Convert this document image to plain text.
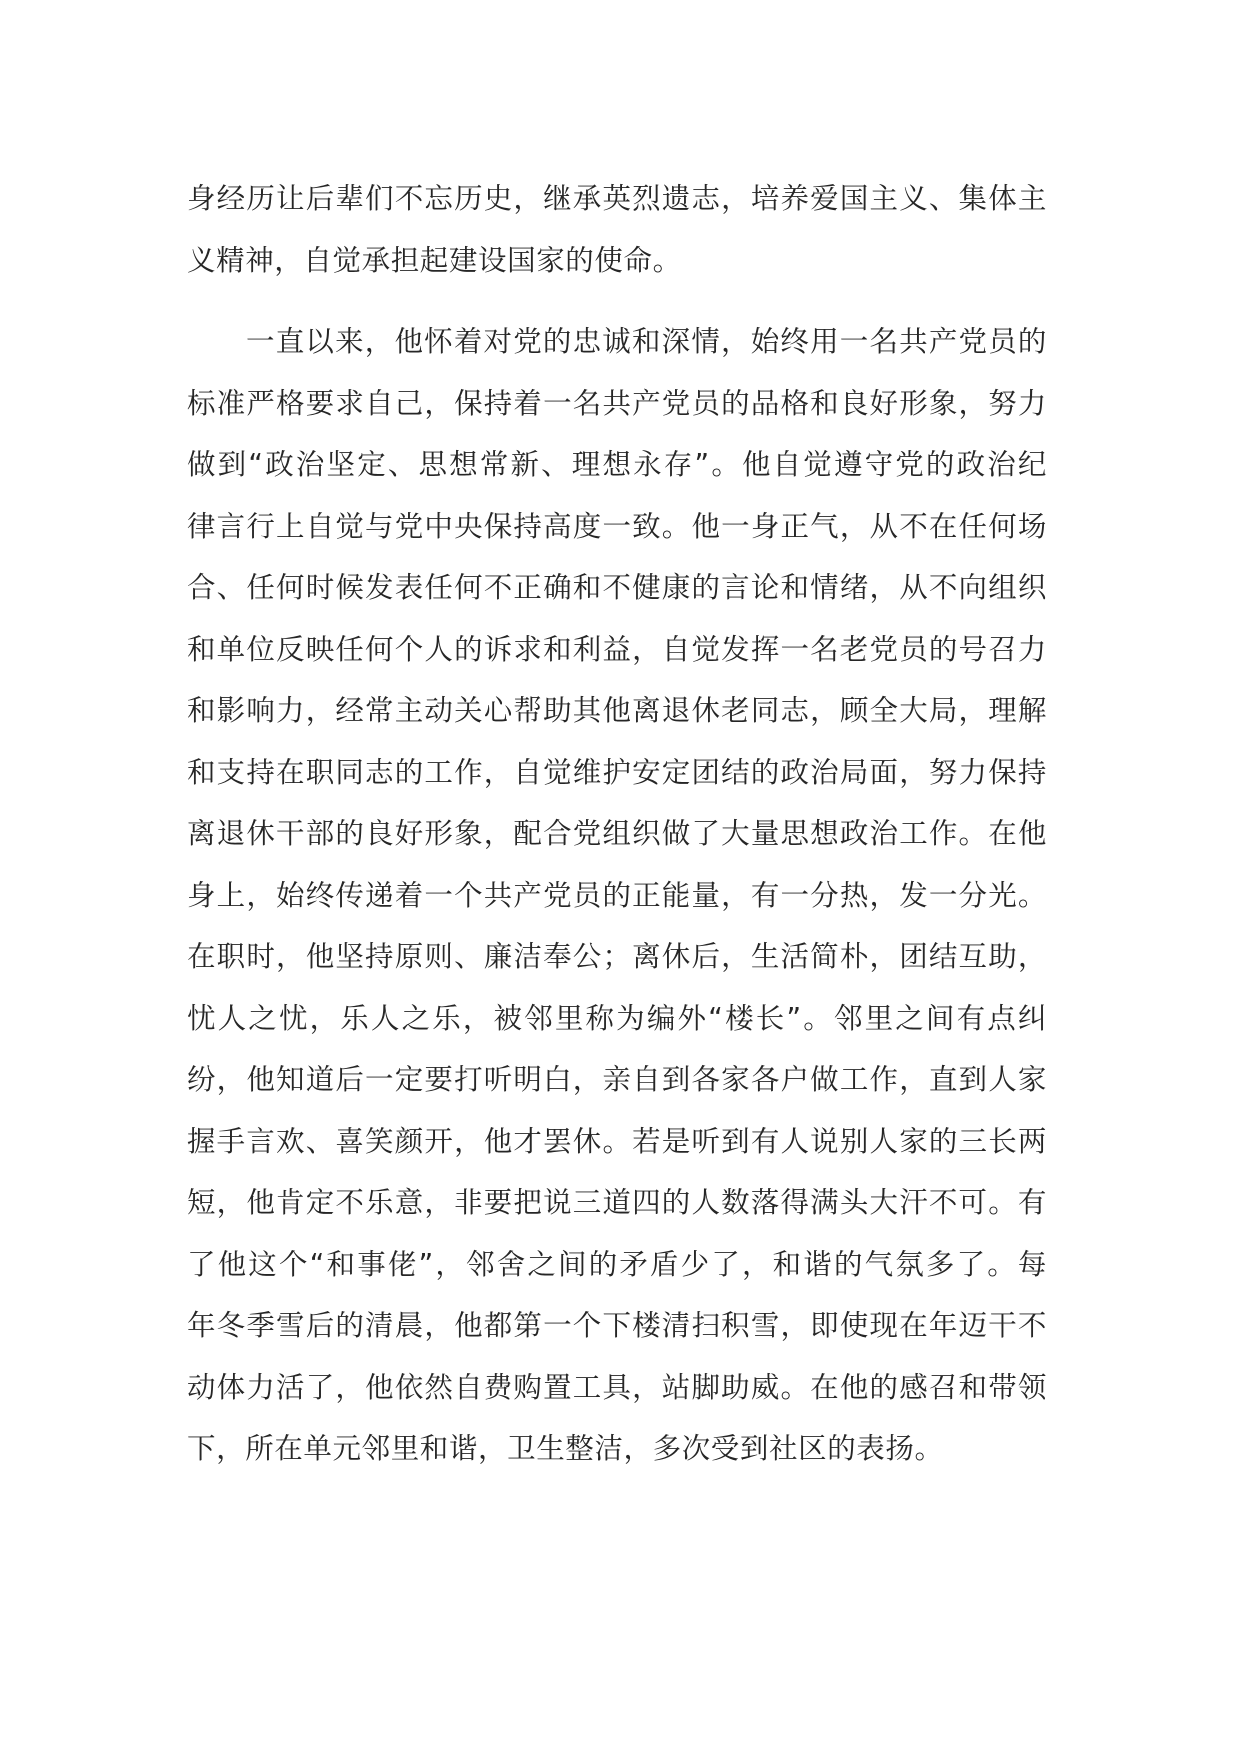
身经历让后辈们不忘历史，继承英烈遗志，培养爱国主义、集体主
义精神，自觉承担起建设国家的使命。

一直以来，他怀着对党的忠诚和深情，始终用一名共产党员的
标准严格要求自己，保持着一名共产党员的品格和良好形象，努力
做到“政治坚定、思想常新、理想永存”。他自觉遵守党的政治纪
律言行上自觉与党中央保持高度一致。他一身正气，从不在任何场
合、任何时候发表任何不正确和不健康的言论和情绪，从不向组织
和单位反映任何个人的诉求和利益，自觉发挥一名老党员的号召力
和影响力，经常主动关心帮助其他离退休老同志，顾全大局，理解
和支持在职同志的工作，自觉维护安定团结的政治局面，努力保持
离退休干部的良好形象，配合党组织做了大量思想政治工作。在他
身上，始终传递着一个共产党员的正能量，有一分热，发一分光。
在职时，他坚持原则、廉洁奉公；离休后，生活简朴，团结互助，
忧人之忧，乐人之乐，被邻里称为编外“楼长”。邻里之间有点纠
纷，他知道后一定要打听明白，亲自到各家各户做工作，直到人家
握手言欢、喜笑颜开，他才罢休。若是听到有人说别人家的三长两
短，他肯定不乐意，非要把说三道四的人数落得满头大汗不可。有
了他这个“和事佬”，邻舍之间的矛盾少了，和谐的气氛多了。每
年冬季雪后的清晨，他都第一个下楼清扫积雪，即使现在年迈干不
动体力活了，他依然自费购置工具，站脚助威。在他的感召和带领
下，所在单元邻里和谐，卫生整洁，多次受到社区的表扬。
